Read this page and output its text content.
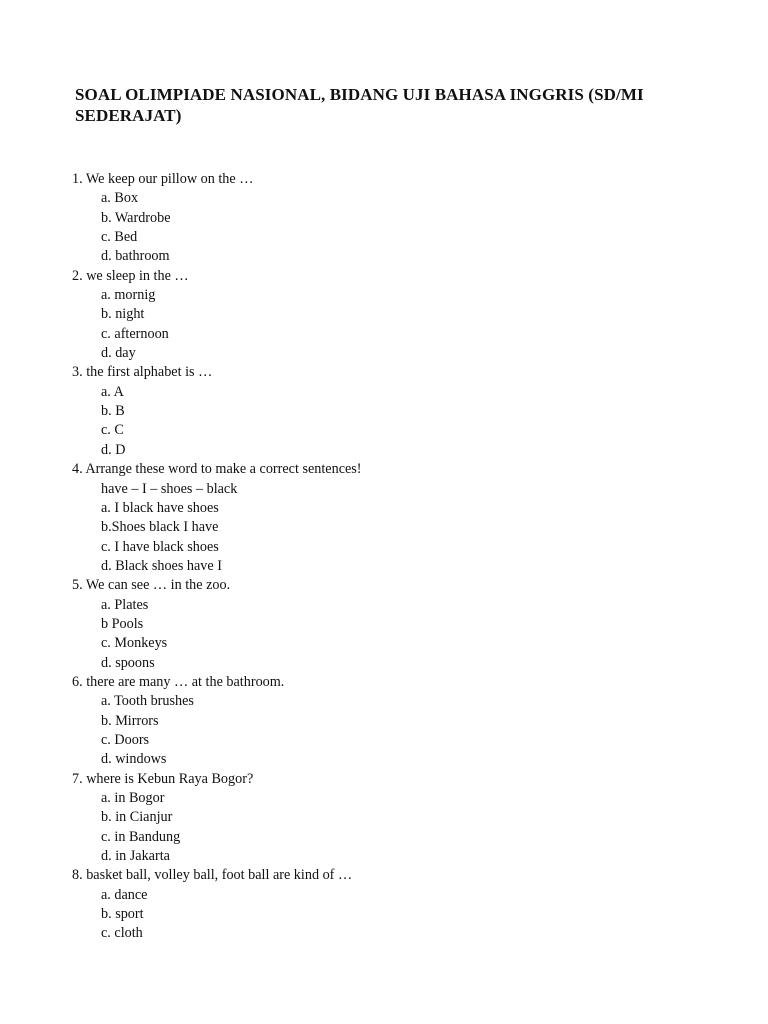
SOAL OLIMPIADE NASIONAL, BIDANG UJI BAHASA INGGRIS (SD/MI SEDERAJAT)
1. We keep our pillow on the …
a. Box
b. Wardrobe
c. Bed
d. bathroom
2. we sleep in the …
a. mornig
b. night
c. afternoon
d. day
3. the first alphabet is …
a. A
b. B
c. C
d. D
4. Arrange these word to make a correct sentences!
have – I – shoes – black
a. I black have shoes
b.Shoes black I have
c. I have black shoes
d. Black shoes have I
5. We can see … in the zoo.
a. Plates
b Pools
c. Monkeys
d. spoons
6. there are many … at the bathroom.
a. Tooth brushes
b. Mirrors
c. Doors
d. windows
7. where is Kebun Raya Bogor?
a. in Bogor
b. in Cianjur
c. in Bandung
d. in Jakarta
8. basket ball, volley ball, foot ball are kind of …
a. dance
b. sport
c. cloth
